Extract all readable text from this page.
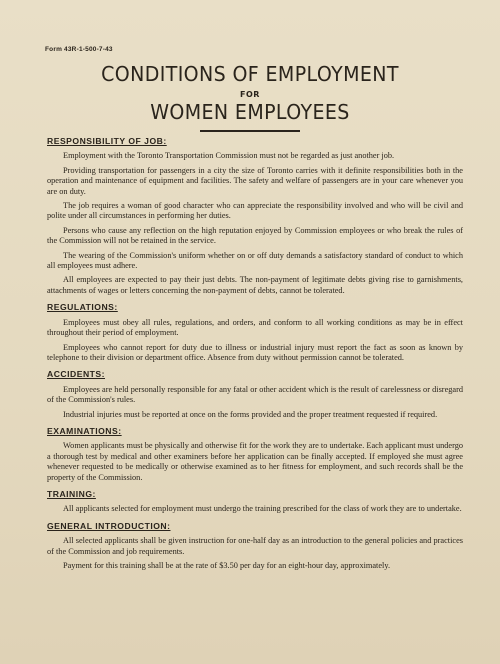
Form 43R-1-500-7-43
CONDITIONS OF EMPLOYMENT
FOR
WOMEN EMPLOYEES
RESPONSIBILITY OF JOB:

Employment with the Toronto Transportation Commission must not be regarded as just another job.

Providing transportation for passengers in a city the size of Toronto carries with it definite responsibilities both in the operation and maintenance of equipment and facilities. The safety and welfare of passengers are in your care whenever you are on duty.

The job requires a woman of good character who can appreciate the responsibility involved and who will be civil and polite under all circumstances in performing her duties.

Persons who cause any reflection on the high reputation enjoyed by Commission employees or who break the rules of the Commission will not be retained in the service.

The wearing of the Commission's uniform whether on or off duty demands a satisfactory standard of conduct to which all employees must adhere.

All employees are expected to pay their just debts. The non-payment of legitimate debts giving rise to garnishments, attachments of wages or letters concerning the non-payment of debts, cannot be tolerated.

REGULATIONS:

Employees must obey all rules, regulations, and orders, and conform to all working conditions as may be in effect throughout their period of employment.

Employees who cannot report for duty due to illness or industrial injury must report the fact as soon as known by telephone to their division or department office. Absence from duty without permission cannot be tolerated.

ACCIDENTS:

Employees are held personally responsible for any fatal or other accident which is the result of carelessness or disregard of the Commission's rules.

Industrial injuries must be reported at once on the forms provided and the proper treatment requested if required.

EXAMINATIONS:

Women applicants must be physically and otherwise fit for the work they are to undertake. Each applicant must undergo a thorough test by medical and other examiners before her application can be finally accepted. If employed she must agree whenever requested to be medically or otherwise examined as to her fitness for employment, and such records shall be the property of the Commission.

TRAINING:

All applicants selected for employment must undergo the training prescribed for the class of work they are to undertake.

GENERAL INTRODUCTION:

All selected applicants shall be given instruction for one-half day as an introduction to the general policies and practices of the Commission and job requirements.

Payment for this training shall be at the rate of $3.50 per day for an eight-hour day, approximately.
